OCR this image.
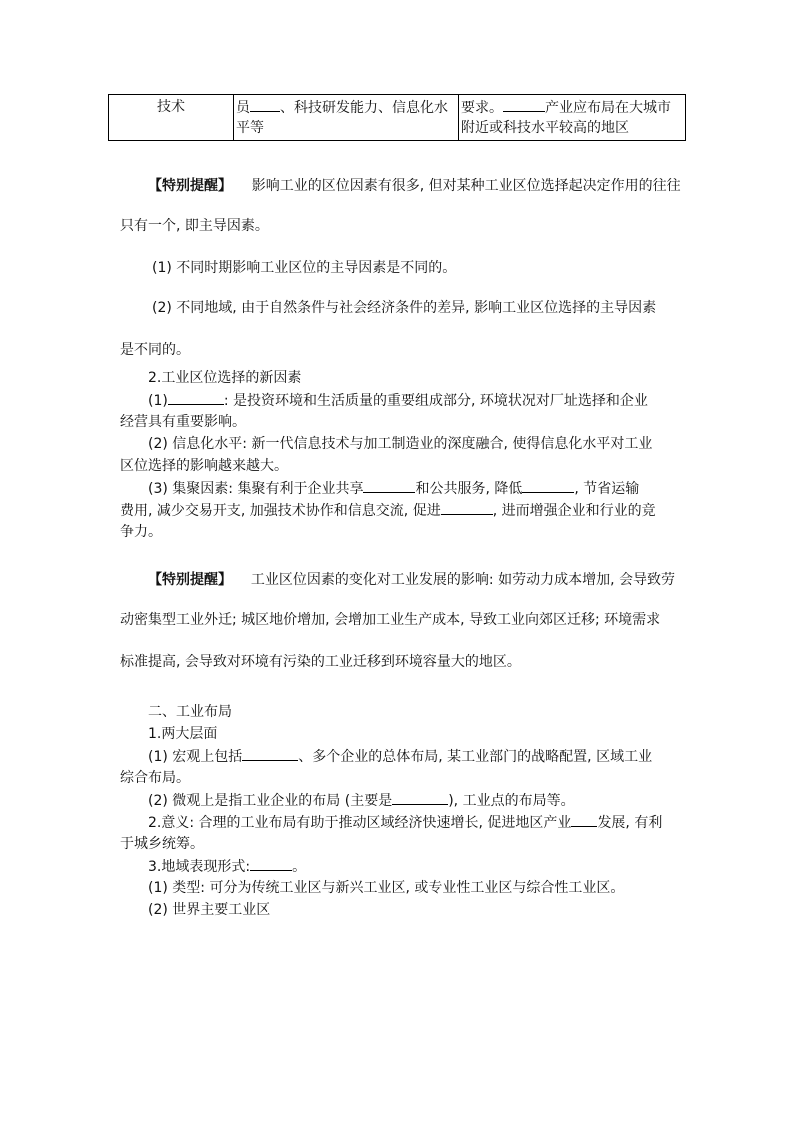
技术	员 、科技研发能力、信息化水平等	要求。	产业应布局在大城市附近或科技水平较高的地区
【特别提醒】 影响工业的区位因素有很多, 但对某种工业区位选择起决定作用的往往
只有一个, 即主导因素。
(1) 不同时期影响工业区位的主导因素是不同的。
(2) 不同地域, 由于自然条件与社会经济条件的差异, 影响工业区位选择的主导因素
是不同的。
2.工业区位选择的新因素
(1)	: 是投资环境和生活质量的重要组成部分, 环境状况对厂址选择和企业
经营具有重要影响。
(2) 信息化水平: 新一代信息技术与加工制造业的深度融合, 使得信息化水平对工业
区位选择的影响越来越大。
(3) 集聚因素: 集聚有利于企业共享	和公共服务, 降低	, 节省运输
费用, 减少交易开支, 加强技术协作和信息交流, 促进	, 进而增强企业和行业的竞
争力。
【特别提醒】 工业区位因素的变化对工业发展的影响: 如劳动力成本增加, 会导致劳
动密集型工业外迁; 城区地价增加, 会增加工业生产成本, 导致工业向郊区迁移; 环境需求
标准提高, 会导致对环境有污染的工业迁移到环境容量大的地区。
二、工业布局
1.两大层面
(1) 宏观上包括	、多个企业的总体布局, 某工业部门的战略配置, 区域工业
综合布局。
(2) 微观上是指工业企业的布局 (主要是	), 工业点的布局等。
2.意义: 合理的工业布局有助于推动区域经济快速增长, 促进地区产业 发展, 有利
于城乡统筹。
3.地域表现形式:	。
(1) 类型: 可分为传统工业区与新兴工业区, 或专业性工业区与综合性工业区。
(2) 世界主要工业区
